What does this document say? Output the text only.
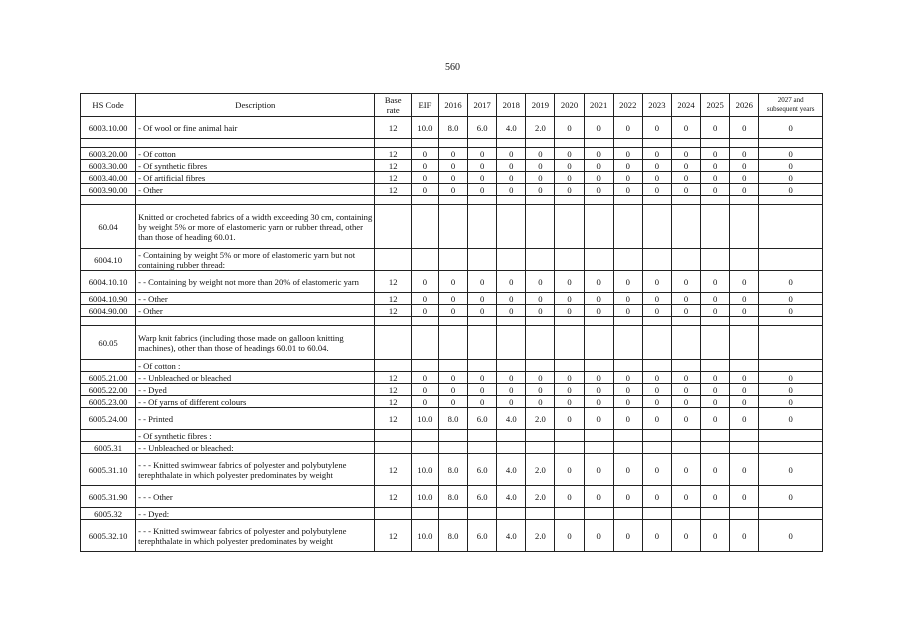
560
HS Code	Description	Base rate	EIF	2016	2017	2018	2019	2020	2021	2022	2023	2024	2025	2026	2027 and subsequent years
6003.10.00	- Of wool or fine animal hair	12	10.0	8.0	6.0	4.0	2.0	0	0	0	0	0	0	0	0

6003.20.00	- Of cotton	12	0	0	0	0	0	0	0	0	0	0	0	0	0
6003.30.00	- Of synthetic fibres	12	0	0	0	0	0	0	0	0	0	0	0	0	0
6003.40.00	- Of artificial fibres	12	0	0	0	0	0	0	0	0	0	0	0	0	0
6003.90.00	- Other	12	0	0	0	0	0	0	0	0	0	0	0	0	0

60.04	Knitted or crocheted fabrics of a width exceeding 30 cm, containing by weight 5% or more of elastomeric yarn or rubber thread, other than those of heading 60.01.														
6004.10	- Containing by weight 5% or more of elastomeric yarn but not containing rubber thread:														
6004.10.10	- - Containing by weight not more than 20% of elastomeric yarn	12	0	0	0	0	0	0	0	0	0	0	0	0	0
6004.10.90	- - Other	12	0	0	0	0	0	0	0	0	0	0	0	0	0
6004.90.00	- Other	12	0	0	0	0	0	0	0	0	0	0	0	0	0

60.05	Warp knit fabrics (including those made on galloon knitting machines), other than those of headings 60.01 to 60.04.														
	- Of cotton :														
6005.21.00	- - Unbleached or bleached	12	0	0	0	0	0	0	0	0	0	0	0	0	0
6005.22.00	- - Dyed	12	0	0	0	0	0	0	0	0	0	0	0	0	0
6005.23.00	- - Of yarns of different colours	12	0	0	0	0	0	0	0	0	0	0	0	0	0
6005.24.00	- - Printed	12	10.0	8.0	6.0	4.0	2.0	0	0	0	0	0	0	0	0
	- Of synthetic fibres :														
6005.31	- - Unbleached or bleached:														
6005.31.10	- - - Knitted swimwear fabrics of polyester and polybutylene terephthalate in which polyester predominates by weight	12	10.0	8.0	6.0	4.0	2.0	0	0	0	0	0	0	0	0
6005.31.90	- - - Other	12	10.0	8.0	6.0	4.0	2.0	0	0	0	0	0	0	0	0
6005.32	- - Dyed:														
6005.32.10	- - - Knitted swimwear fabrics of polyester and polybutylene terephthalate in which polyester predominates by weight	12	10.0	8.0	6.0	4.0	2.0	0	0	0	0	0	0	0	0
